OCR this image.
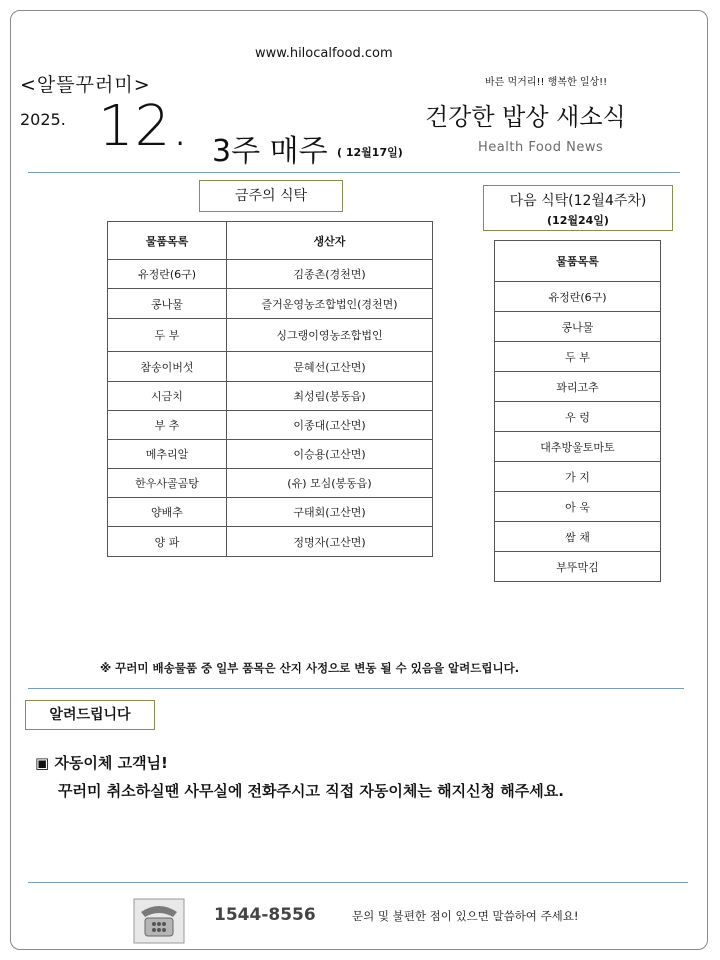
www.hilocalfood.com
<알뜰꾸러미>	바른 먹거리!! 행복한 일상!!
2025. 12. 3주 매주 ( 12월17일)
건강한 밥상 새소식
Health Food News
금주의 식탁
물품목록	생산자
유정란(6구)	김종촌(경천면)
콩나물	즐거운영농조합법인(경천면)
두 부	싱그랭이영농조합법인
참송이버섯	문혜선(고산면)
시금치	최성림(봉동읍)
부 추	이종대(고산면)
메추리알	이승용(고산면)
한우사골곰탕	(유) 모심(봉동읍)
양배추	구태회(고산면)
양 파	정명자(고산면)
다음 식탁(12월4주차)
(12월24일)
물품목록
유정란(6구)
콩나물
두 부
꽈리고추
우 렁
대추방울토마토
가 지
아 욱
쌈 채
부뚜막김
※ 꾸러미 배송물품 중 일부 품목은 산지 사정으로 변동 될 수 있음을 알려드립니다.
알려드립니다
▣ 자동이체 고객님!
꾸러미 취소하실땐 사무실에 전화주시고 직접 자동이체는 해지신청 해주세요.
1544-8556	문의 및 불편한 점이 있으면 말씀하여 주세요!
